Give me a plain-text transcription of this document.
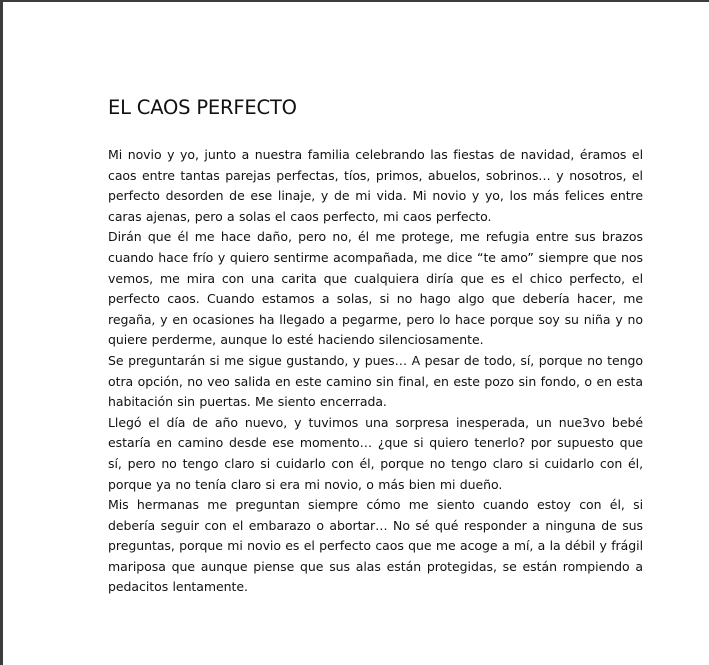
EL CAOS PERFECTO

Mi novio y yo, junto a nuestra familia celebrando las fiestas de navidad, éramos el caos entre tantas parejas perfectas, tíos, primos, abuelos, sobrinos… y nosotros, el perfecto desorden de ese linaje, y de mi vida. Mi novio y yo, los más felices entre caras ajenas, pero a solas el caos perfecto, mi caos perfecto.

Dirán que él me hace daño, pero no, él me protege, me refugia entre sus brazos cuando hace frío y quiero sentirme acompañada, me dice “te amo” siempre que nos vemos, me mira con una carita que cualquiera diría que es el chico perfecto, el perfecto caos. Cuando estamos a solas, si no hago algo que debería hacer, me regaña, y en ocasiones ha llegado a pegarme, pero lo hace porque soy su niña y no quiere perderme, aunque lo esté haciendo silenciosamente.

Se preguntarán si me sigue gustando, y pues… A pesar de todo, sí, porque no tengo otra opción, no veo salida en este camino sin final, en este pozo sin fondo, o en esta habitación sin puertas. Me siento encerrada.

Llegó el día de año nuevo, y tuvimos una sorpresa inesperada, un nue3vo bebé estaría en camino desde ese momento… ¿que si quiero tenerlo? por supuesto que sí, pero no tengo claro si cuidarlo con él, porque no tengo claro si cuidarlo con él, porque ya no tenía claro si era mi novio, o más bien mi dueño.

Mis hermanas me preguntan siempre cómo me siento cuando estoy con él, si debería seguir con el embarazo o abortar… No sé qué responder a ninguna de sus preguntas, porque mi novio es el perfecto caos que me acoge a mí, a la débil y frágil mariposa que aunque piense que sus alas están protegidas, se están rompiendo a pedacitos lentamente.
